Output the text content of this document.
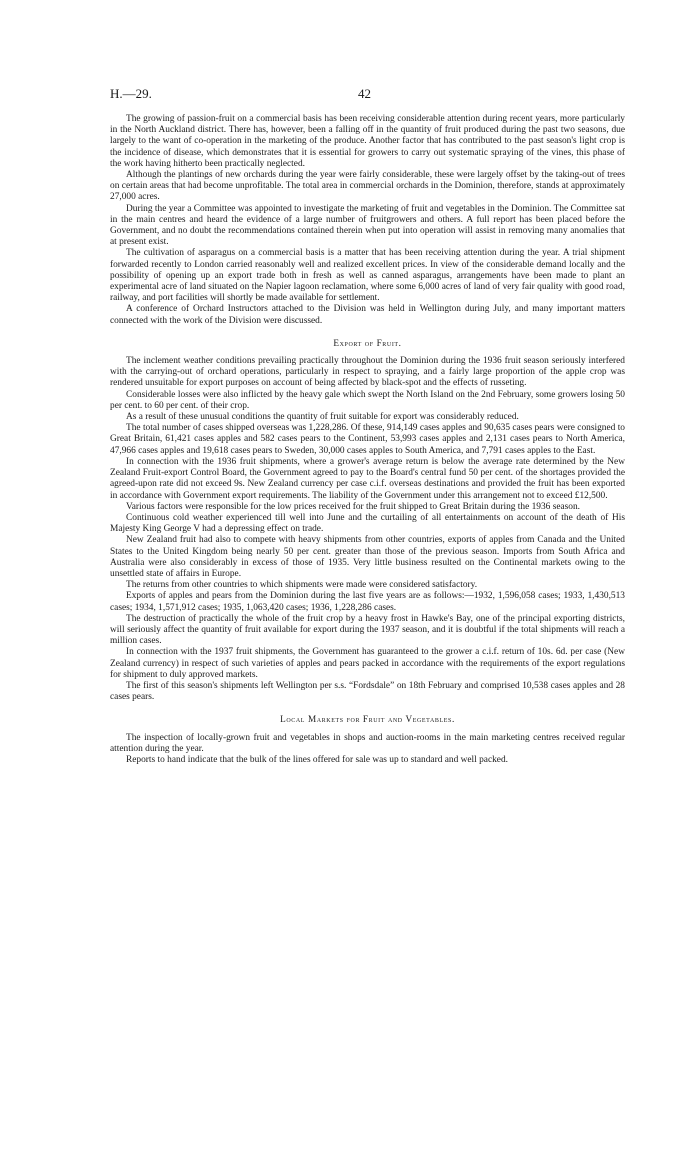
H.—29.	42

The growing of passion-fruit on a commercial basis has been receiving considerable attention during recent years, more particularly in the North Auckland district. There has, however, been a falling off in the quantity of fruit produced during the past two seasons, due largely to the want of co-operation in the marketing of the produce. Another factor that has contributed to the past season's light crop is the incidence of disease, which demonstrates that it is essential for growers to carry out systematic spraying of the vines, this phase of the work having hitherto been practically neglected.

Although the plantings of new orchards during the year were fairly considerable, these were largely offset by the taking-out of trees on certain areas that had become unprofitable. The total area in commercial orchards in the Dominion, therefore, stands at approximately 27,000 acres.

During the year a Committee was appointed to investigate the marketing of fruit and vegetables in the Dominion. The Committee sat in the main centres and heard the evidence of a large number of fruitgrowers and others. A full report has been placed before the Government, and no doubt the recommendations contained therein when put into operation will assist in removing many anomalies that at present exist.

The cultivation of asparagus on a commercial basis is a matter that has been receiving attention during the year. A trial shipment forwarded recently to London carried reasonably well and realized excellent prices. In view of the considerable demand locally and the possibility of opening up an export trade both in fresh as well as canned asparagus, arrangements have been made to plant an experimental acre of land situated on the Napier lagoon reclamation, where some 6,000 acres of land of very fair quality with good road, railway, and port facilities will shortly be made available for settlement.

A conference of Orchard Instructors attached to the Division was held in Wellington during July, and many important matters connected with the work of the Division were discussed.

Export of Fruit.

The inclement weather conditions prevailing practically throughout the Dominion during the 1936 fruit season seriously interfered with the carrying-out of orchard operations, particularly in respect to spraying, and a fairly large proportion of the apple crop was rendered unsuitable for export purposes on account of being affected by black-spot and the effects of russeting.

Considerable losses were also inflicted by the heavy gale which swept the North Island on the 2nd February, some growers losing 50 per cent. to 60 per cent. of their crop.

As a result of these unusual conditions the quantity of fruit suitable for export was considerably reduced.

The total number of cases shipped overseas was 1,228,286. Of these, 914,149 cases apples and 90,635 cases pears were consigned to Great Britain, 61,421 cases apples and 582 cases pears to the Continent, 53,993 cases apples and 2,131 cases pears to North America, 47,966 cases apples and 19,618 cases pears to Sweden, 30,000 cases apples to South America, and 7,791 cases apples to the East.

In connection with the 1936 fruit shipments, where a grower's average return is below the average rate determined by the New Zealand Fruit-export Control Board, the Government agreed to pay to the Board's central fund 50 per cent. of the shortages provided the agreed-upon rate did not exceed 9s. New Zealand currency per case c.i.f. overseas destinations and provided the fruit has been exported in accordance with Government export requirements. The liability of the Government under this arrangement not to exceed £12,500.

Various factors were responsible for the low prices received for the fruit shipped to Great Britain during the 1936 season.

Continuous cold weather experienced till well into June and the curtailing of all entertainments on account of the death of His Majesty King George V had a depressing effect on trade.

New Zealand fruit had also to compete with heavy shipments from other countries, exports of apples from Canada and the United States to the United Kingdom being nearly 50 per cent. greater than those of the previous season. Imports from South Africa and Australia were also considerably in excess of those of 1935. Very little business resulted on the Continental markets owing to the unsettled state of affairs in Europe.

The returns from other countries to which shipments were made were considered satisfactory.

Exports of apples and pears from the Dominion during the last five years are as follows:—1932, 1,596,058 cases; 1933, 1,430,513 cases; 1934, 1,571,912 cases; 1935, 1,063,420 cases; 1936, 1,228,286 cases.

The destruction of practically the whole of the fruit crop by a heavy frost in Hawke's Bay, one of the principal exporting districts, will seriously affect the quantity of fruit available for export during the 1937 season, and it is doubtful if the total shipments will reach a million cases.

In connection with the 1937 fruit shipments, the Government has guaranteed to the grower a c.i.f. return of 10s. 6d. per case (New Zealand currency) in respect of such varieties of apples and pears packed in accordance with the requirements of the export regulations for shipment to duly approved markets.

The first of this season's shipments left Wellington per s.s. “Fordsdale” on 18th February and comprised 10,538 cases apples and 28 cases pears.

Local Markets for Fruit and Vegetables.

The inspection of locally-grown fruit and vegetables in shops and auction-rooms in the main marketing centres received regular attention during the year.

Reports to hand indicate that the bulk of the lines offered for sale was up to standard and well packed.
